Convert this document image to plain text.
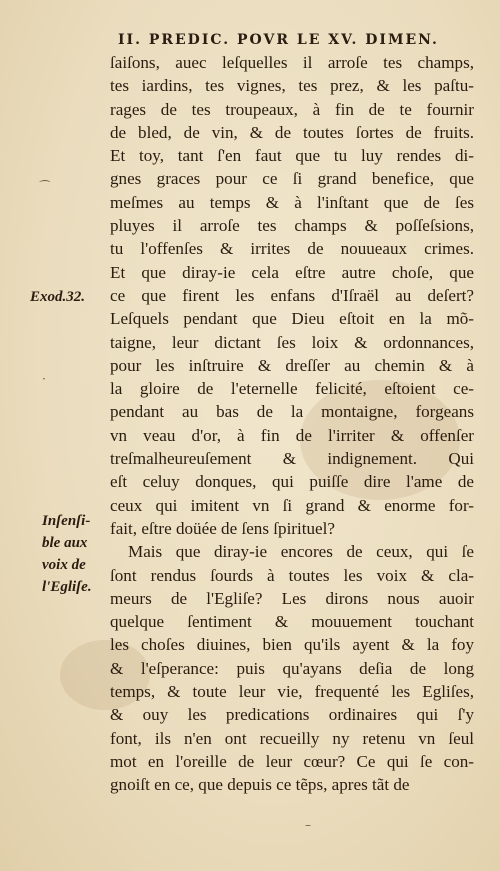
II. PREDIC. POVR LE XV. DIMEN.
ſaiſons, auec leſquelles il arroſe tes champs,
tes iardins, tes vignes, tes prez, & les paſtu-
rages de tes troupeaux, à fin de te fournir
de bled, de vin, & de toutes ſortes de fruits.
Et toy, tant ſ'en faut que tu luy rendes di-
gnes graces pour ce ſi grand benefice, que
meſmes au temps & à l'inſtant que de ſes
pluyes il arroſe tes champs & poſſeſsions,
tu l'offenſes & irrites de nouueaux crimes.
Et que diray-ie cela eſtre autre choſe, que
ce que firent les enfans d'Iſraël au deſert?
Leſquels pendant que Dieu eſtoit en la mõ-
taigne, leur dictant ſes loix & ordonnances,
pour les inſtruire & dreſſer au chemin & à
la gloire de l'eternelle felicité, eſtoient ce-
pendant au bas de la montaigne, forgeans
vn veau d'or, à fin de l'irriter & offenſer
treſmalheureuſement & indignement. Qui
eſt celuy donques, qui puiſſe dire l'ame de
ceux qui imitent vn ſi grand & enorme for-
fait, eſtre doüée de ſens ſpirituel?
Mais que diray-ie encores de ceux, qui ſe
ſont rendus ſourds à toutes les voix & cla-
meurs de l'Egliſe? Les dirons nous auoir
quelque ſentiment & mouuement touchant
les choſes diuines, bien qu'ils ayent & la foy
& l'eſperance: puis qu'ayans deſia de long
temps, & toute leur vie, frequenté les Egliſes,
& ouy les predications ordinaires qui ſ'y
font, ils n'en ont recueilly ny retenu vn ſeul
mot en l'oreille de leur cœur? Ce qui ſe con-
gnoiſt en ce, que depuis ce tẽps, apres tãt de
Exod.32.
Inſenſi-
ble aux
voix de
l'Egliſe.
⁀
·
–
